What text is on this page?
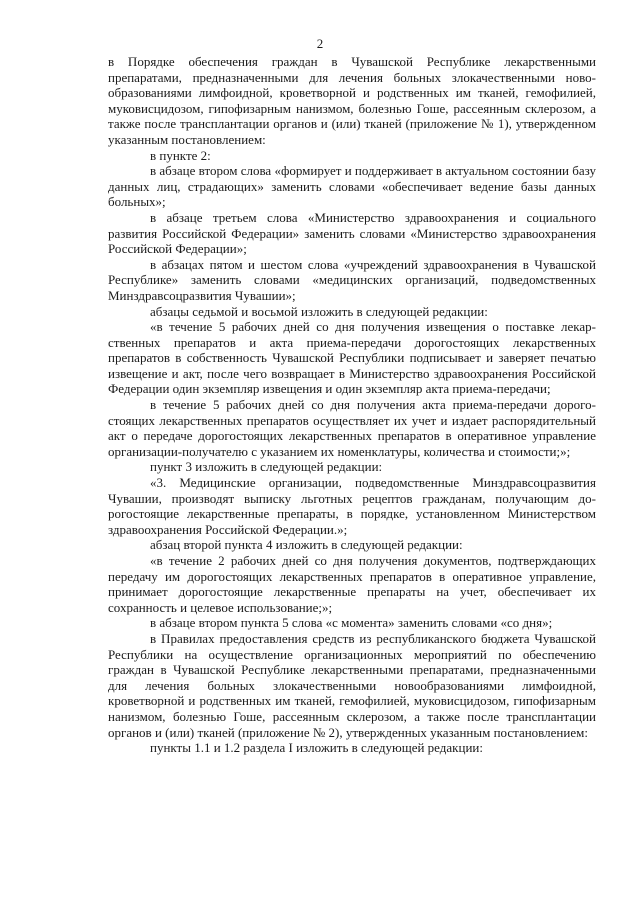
2

в Порядке обеспечения граждан в Чувашской Республике лекарственными препаратами, предназначенными для лечения больных злокачественными новообразованиями лимфоидной, кроветворной и родственных им тканей, гемофилией, муковисцидозом, гипофизарным нанизмом, болезнью Гоше, рассеянным склерозом, а также после трансплантации органов и (или) тканей (приложение № 1), утвержденном указанным постановлением:

в пункте 2:

в абзаце втором слова «формирует и поддерживает в актуальном состоянии базу данных лиц, страдающих» заменить словами «обеспечивает ведение базы данных больных»;

в абзаце третьем слова «Министерство здравоохранения и социального развития Российской Федерации» заменить словами «Министерство здравоохранения Российской Федерации»;

в абзацах пятом и шестом слова «учреждений здравоохранения в Чувашской Республике» заменить словами «медицинских организаций, подведомственных Минздравсоцразвития Чувашии»;

абзацы седьмой и восьмой изложить в следующей редакции:

«в течение 5 рабочих дней со дня получения извещения о поставке лекарственных препаратов и акта приема-передачи дорогостоящих лекарственных препаратов в собственность Чувашской Республики подписывает и заверяет печатью извещение и акт, после чего возвращает в Министерство здравоохранения Российской Федерации один экземпляр извещения и один экземпляр акта приема-передачи;

в течение 5 рабочих дней со дня получения акта приема-передачи дорогостоящих лекарственных препаратов осуществляет их учет и издает распорядительный акт о передаче дорогостоящих лекарственных препаратов в оперативное управление организации-получателю с указанием их номенклатуры, количества и стоимости;»;

пункт 3 изложить в следующей редакции:

«3. Медицинские организации, подведомственные Минздравсоцразвития Чувашии, производят выписку льготных рецептов гражданам, получающим дорогостоящие лекарственные препараты, в порядке, установленном Министерством здравоохранения Российской Федерации.»;

абзац второй пункта 4 изложить в следующей редакции:

«в течение 2 рабочих дней со дня получения документов, подтверждающих передачу им дорогостоящих лекарственных препаратов в оперативное управление, принимает дорогостоящие лекарственные препараты на учет, обеспечивает их сохранность и целевое использование;»;

в абзаце втором пункта 5 слова «с момента» заменить словами «со дня»;

в Правилах предоставления средств из республиканского бюджета Чувашской Республики на осуществление организационных мероприятий по обеспечению граждан в Чувашской Республике лекарственными препаратами, предназначенными для лечения больных злокачественными новообразованиями лимфоидной, кроветворной и родственных им тканей, гемофилией, муковисцидозом, гипофизарным нанизмом, болезнью Гоше, рассеянным склерозом, а также после трансплантации органов и (или) тканей (приложение № 2), утвержденных указанным постановлением:

пункты 1.1 и 1.2 раздела I изложить в следующей редакции:
